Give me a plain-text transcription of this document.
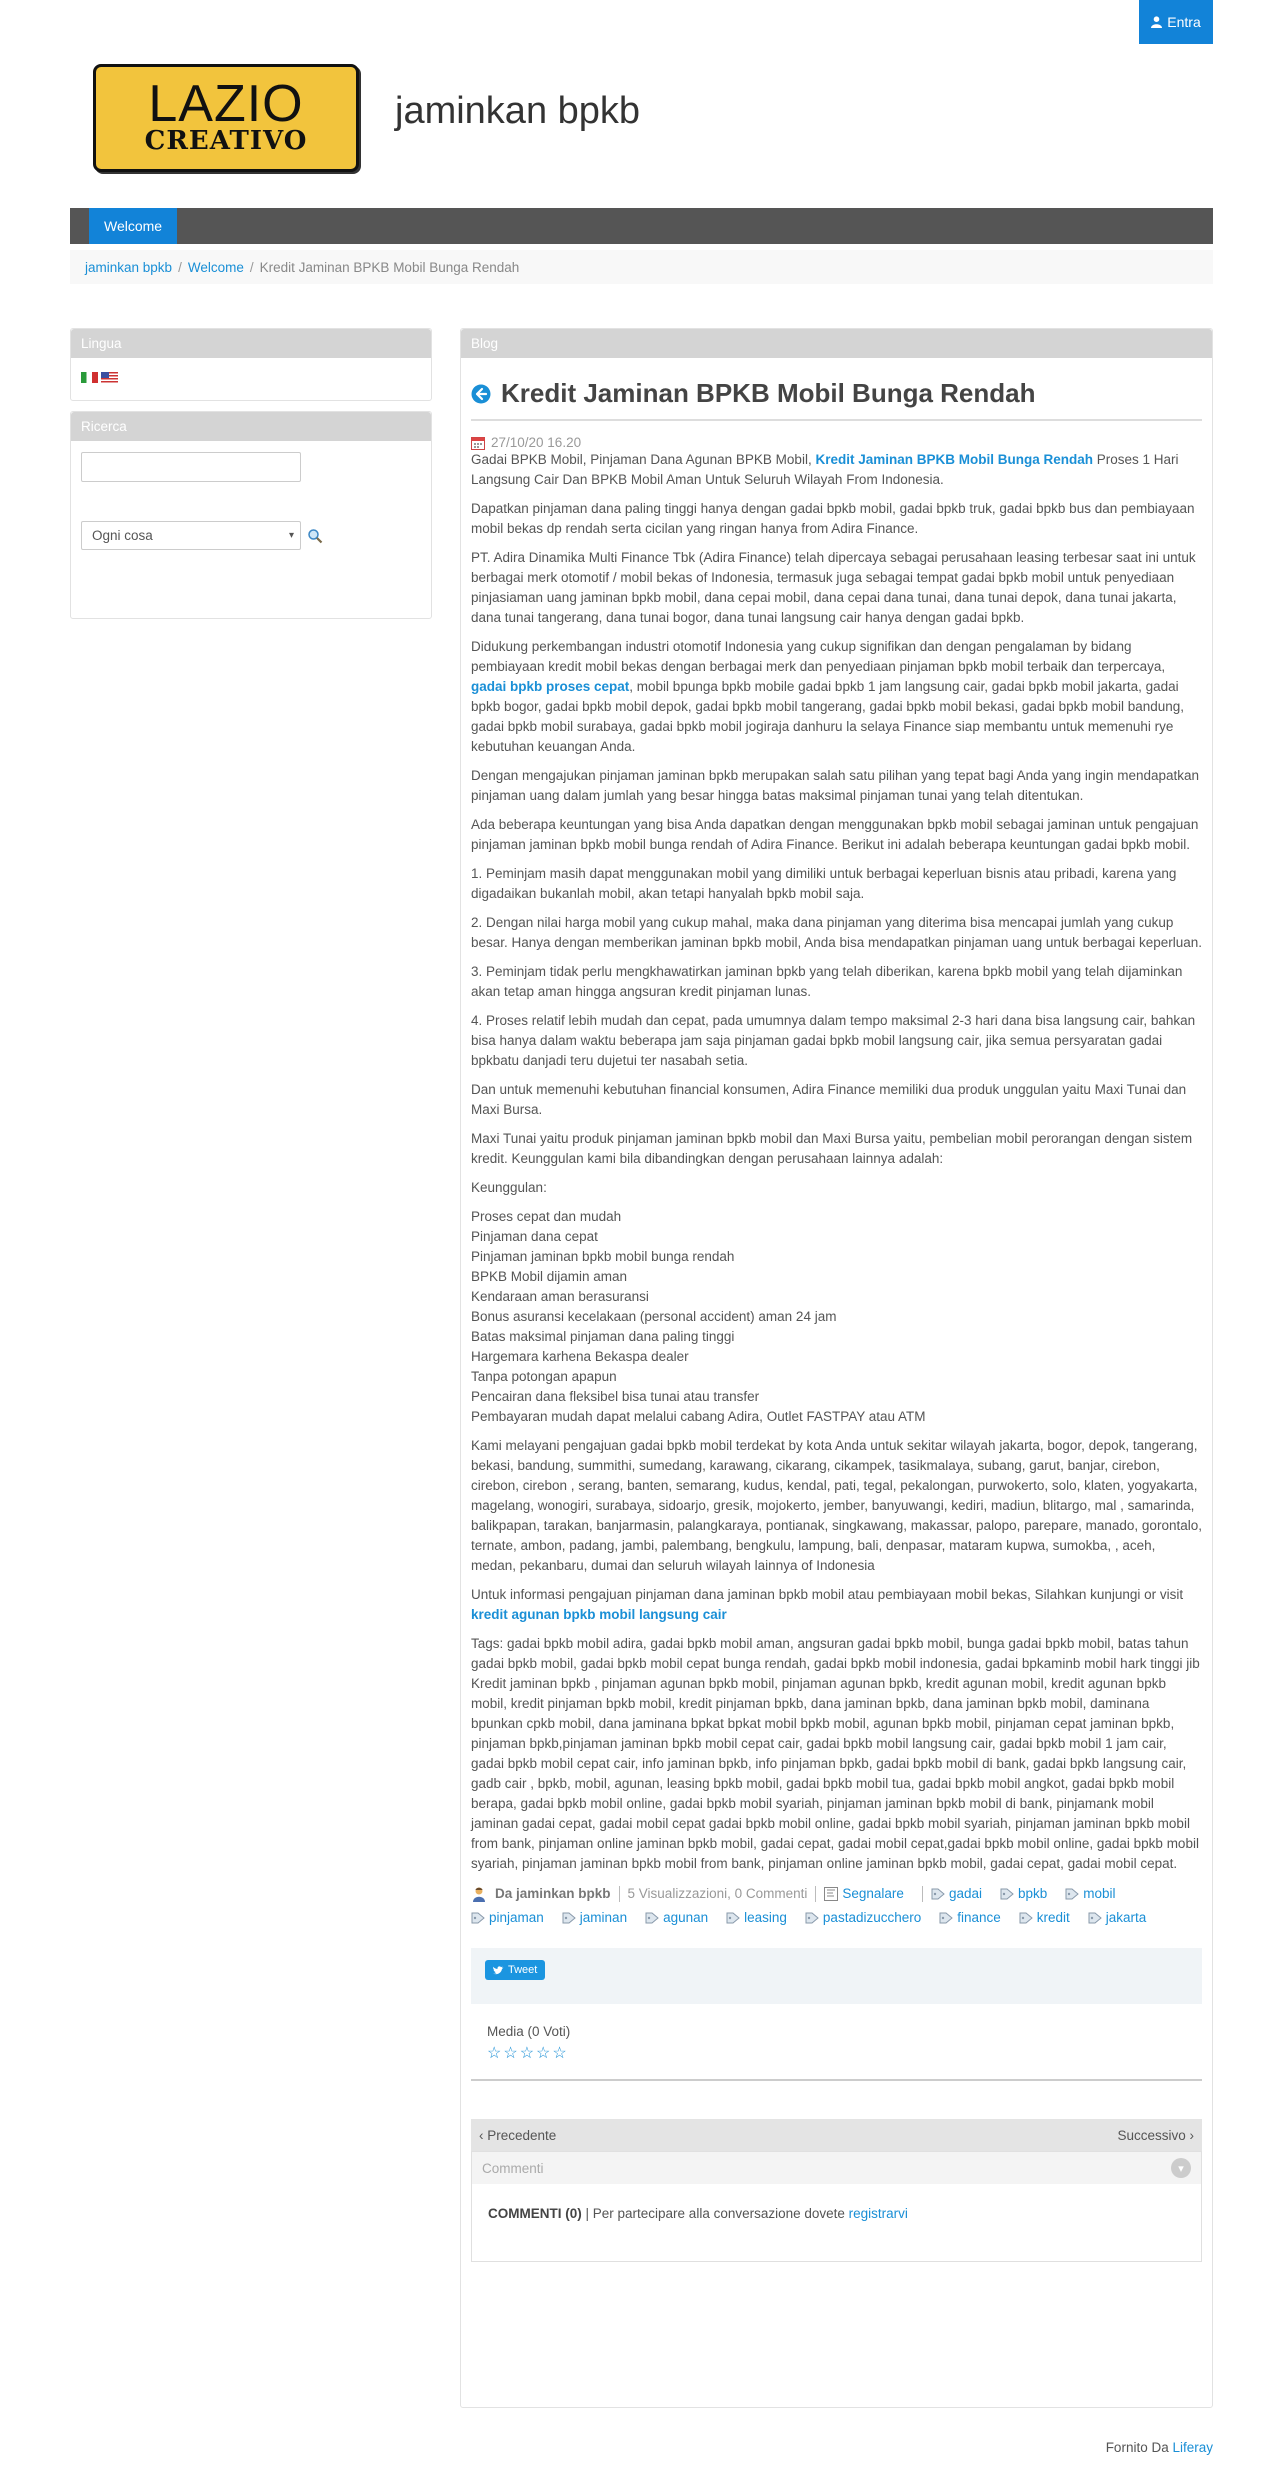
Entra
LAZIO
CREATIVO
jaminkan bpkb
Welcome
jaminkan bpkb / Welcome / Kredit Jaminan BPKB Mobil Bunga Rendah
Lingua
Ricerca
Ogni cosa	▾
Blog
Kredit Jaminan BPKB Mobil Bunga Rendah
27/10/20 16.20

Gadai BPKB Mobil, Pinjaman Dana Agunan BPKB Mobil, Kredit Jaminan BPKB Mobil Bunga Rendah Proses 1 Hari Langsung Cair Dan BPKB Mobil Aman Untuk Seluruh Wilayah From Indonesia.

Dapatkan pinjaman dana paling tinggi hanya dengan gadai bpkb mobil, gadai bpkb truk, gadai bpkb bus dan pembiayaan mobil bekas dp rendah serta cicilan yang ringan hanya from Adira Finance.

PT. Adira Dinamika Multi Finance Tbk (Adira Finance) telah dipercaya sebagai perusahaan leasing terbesar saat ini untuk berbagai merk otomotif / mobil bekas of Indonesia, termasuk juga sebagai tempat gadai bpkb mobil untuk penyediaan pinjasiaman uang jaminan bpkb mobil, dana cepai mobil, dana cepai dana tunai, dana tunai depok, dana tunai jakarta, dana tunai tangerang, dana tunai bogor, dana tunai langsung cair hanya dengan gadai bpkb.

Didukung perkembangan industri otomotif Indonesia yang cukup signifikan dan dengan pengalaman by bidang pembiayaan kredit mobil bekas dengan berbagai merk dan penyediaan pinjaman bpkb mobil terbaik dan terpercaya, gadai bpkb proses cepat, mobil bpunga bpkb mobile gadai bpkb 1 jam langsung cair, gadai bpkb mobil jakarta, gadai bpkb bogor, gadai bpkb mobil depok, gadai bpkb mobil tangerang, gadai bpkb mobil bekasi, gadai bpkb mobil bandung, gadai bpkb mobil surabaya, gadai bpkb mobil jogiraja danhuru la selaya Finance siap membantu untuk memenuhi rye kebutuhan keuangan Anda.

Dengan mengajukan pinjaman jaminan bpkb merupakan salah satu pilihan yang tepat bagi Anda yang ingin mendapatkan pinjaman uang dalam jumlah yang besar hingga batas maksimal pinjaman tunai yang telah ditentukan.

Ada beberapa keuntungan yang bisa Anda dapatkan dengan menggunakan bpkb mobil sebagai jaminan untuk pengajuan pinjaman jaminan bpkb mobil bunga rendah of Adira Finance. Berikut ini adalah beberapa keuntungan gadai bpkb mobil.

1. Peminjam masih dapat menggunakan mobil yang dimiliki untuk berbagai keperluan bisnis atau pribadi, karena yang digadaikan bukanlah mobil, akan tetapi hanyalah bpkb mobil saja.

2. Dengan nilai harga mobil yang cukup mahal, maka dana pinjaman yang diterima bisa mencapai jumlah yang cukup besar. Hanya dengan memberikan jaminan bpkb mobil, Anda bisa mendapatkan pinjaman uang untuk berbagai keperluan.

3. Peminjam tidak perlu mengkhawatirkan jaminan bpkb yang telah diberikan, karena bpkb mobil yang telah dijaminkan akan tetap aman hingga angsuran kredit pinjaman lunas.

4. Proses relatif lebih mudah dan cepat, pada umumnya dalam tempo maksimal 2-3 hari dana bisa langsung cair, bahkan bisa hanya dalam waktu beberapa jam saja pinjaman gadai bpkb mobil langsung cair, jika semua persyaratan gadai bpkbatu danjadi teru dujetui ter nasabah setia.

Dan untuk memenuhi kebutuhan financial konsumen, Adira Finance memiliki dua produk unggulan yaitu Maxi Tunai dan Maxi Bursa.

Maxi Tunai yaitu produk pinjaman jaminan bpkb mobil dan Maxi Bursa yaitu, pembelian mobil perorangan dengan sistem kredit. Keunggulan kami bila dibandingkan dengan perusahaan lainnya adalah:

Keunggulan:

Proses cepat dan mudah
Pinjaman dana cepat
Pinjaman jaminan bpkb mobil bunga rendah
BPKB Mobil dijamin aman
Kendaraan aman berasuransi
Bonus asuransi kecelakaan (personal accident) aman 24 jam
Batas maksimal pinjaman dana paling tinggi
Hargemara karhena Bekaspa dealer
Tanpa potongan apapun
Pencairan dana fleksibel bisa tunai atau transfer
Pembayaran mudah dapat melalui cabang Adira, Outlet FASTPAY atau ATM

Kami melayani pengajuan gadai bpkb mobil terdekat by kota Anda untuk sekitar wilayah jakarta, bogor, depok, tangerang, bekasi, bandung, summithi, sumedang, karawang, cikarang, cikampek, tasikmalaya, subang, garut, banjar, cirebon, cirebon, cirebon , serang, banten, semarang, kudus, kendal, pati, tegal, pekalongan, purwokerto, solo, klaten, yogyakarta, magelang, wonogiri, surabaya, sidoarjo, gresik, mojokerto, jember, banyuwangi, kediri, madiun, blitargo, mal , samarinda, balikpapan, tarakan, banjarmasin, palangkaraya, pontianak, singkawang, makassar, palopo, parepare, manado, gorontalo, ternate, ambon, padang, jambi, palembang, bengkulu, lampung, bali, denpasar, mataram kupwa, sumokba, , aceh, medan, pekanbaru, dumai dan seluruh wilayah lainnya of Indonesia

Untuk informasi pengajuan pinjaman dana jaminan bpkb mobil atau pembiayaan mobil bekas, Silahkan kunjungi or visit kredit agunan bpkb mobil langsung cair

Tags: gadai bpkb mobil adira, gadai bpkb mobil aman, angsuran gadai bpkb mobil, bunga gadai bpkb mobil, batas tahun gadai bpkb mobil, gadai bpkb mobil cepat bunga rendah, gadai bpkb mobil indonesia, gadai bpkaminb mobil hark tinggi jib Kredit jaminan bpkb , pinjaman agunan bpkb mobil, pinjaman agunan bpkb, kredit agunan mobil, kredit agunan bpkb mobil, kredit pinjaman bpkb mobil, kredit pinjaman bpkb, dana jaminan bpkb, dana jaminan bpkb mobil, daminana bpunkan cpkb mobil, dana jaminana bpkat bpkat mobil bpkb mobil, agunan bpkb mobil, pinjaman cepat jaminan bpkb, pinjaman bpkb,pinjaman jaminan bpkb mobil cepat cair, gadai bpkb mobil langsung cair, gadai bpkb mobil 1 jam cair, gadai bpkb mobil cepat cair, info jaminan bpkb, info pinjaman bpkb, gadai bpkb mobil di bank, gadai bpkb langsung cair, gadb cair , bpkb, mobil, agunan, leasing bpkb mobil, gadai bpkb mobil tua, gadai bpkb mobil angkot, gadai bpkb mobil berapa, gadai bpkb mobil online, gadai bpkb mobil syariah, pinjaman jaminan bpkb mobil di bank, pinjamank mobil jaminan gadai cepat, gadai mobil cepat gadai bpkb mobil online, gadai bpkb mobil syariah, pinjaman jaminan bpkb mobil from bank, pinjaman online jaminan bpkb mobil, gadai cepat, gadai mobil cepat,gadai bpkb mobil online, gadai bpkb mobil syariah, pinjaman jaminan bpkb mobil from bank, pinjaman online jaminan bpkb mobil, gadai cepat, gadai mobil cepat.

Da jaminkan bpkb 5 Visualizzazioni, 0 Commenti	Segnalare	gadai	bpkb	mobil
pinjaman	jaminan	agunan	leasing	pastadizucchero	finance	kredit	jakarta
Tweet
Media (0 Voti)
☆☆☆☆☆
‹ Precedente	Successivo ›
Commenti	▾
COMMENTI (0) | Per partecipare alla conversazione dovete registrarvi
Fornito Da Liferay
